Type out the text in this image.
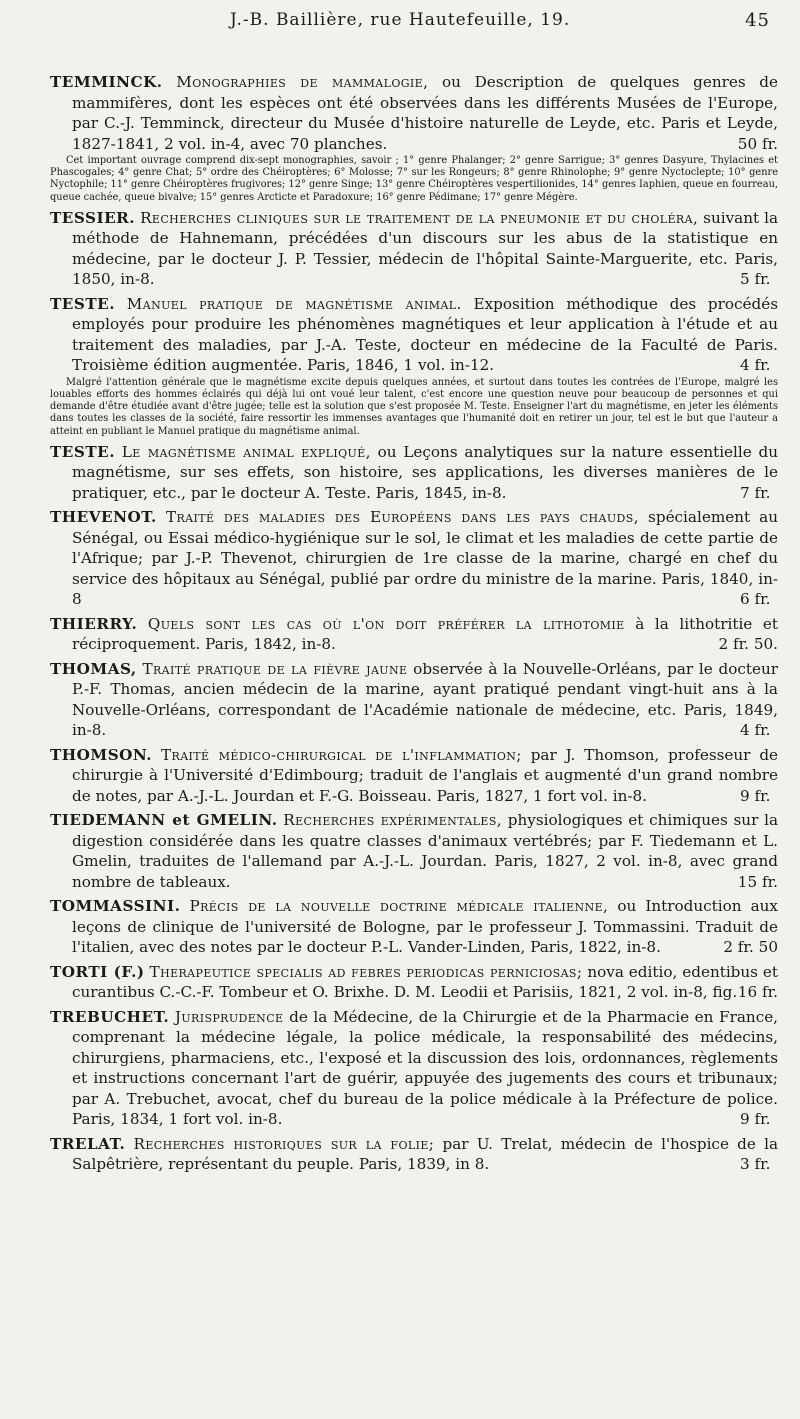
J.-B. Baillière, rue Hautefeuille, 19.	45

TEMMINCK. Monographies de mammalogie, ou Description de quelques genres de mammifères, dont les espèces ont été observées dans les différents Musées de l'Europe, par C.-J. Temminck, directeur du Musée d'histoire naturelle de Leyde, etc. Paris et Leyde, 1827-1841, 2 vol. in-4, avec 70 planches.	50 fr.

Cet important ouvrage comprend dix-sept monographies, savoir ; 1° genre Phalanger; 2° genre Sarrigue; 3° genres Dasyure, Thylacines et Phascogales; 4° genre Chat; 5° ordre des Chéiroptères; 6° Molosse; 7° sur les Rongeurs; 8° genre Rhinolophe; 9° genre Nyctoclepte; 10° genre Nyctophile; 11° genre Chéiroptères frugivores; 12° genre Singe; 13° genre Chéiroptères vespertilionides, 14° genres Iaphien, queue en fourreau, queue cachée, queue bivalve; 15° genres Arcticte et Paradoxure; 16° genre Pédimane; 17° genre Mégère.

TESSIER. Recherches cliniques sur le traitement de la pneumonie et du choléra, suivant la méthode de Hahnemann, précédées d'un discours sur les abus de la statistique en médecine, par le docteur J. P. Tessier, médecin de l'hôpital Sainte-Marguerite, etc. Paris, 1850, in-8.	5 fr.

TESTE. Manuel pratique de magnétisme animal. Exposition méthodique des procédés employés pour produire les phénomènes magnétiques et leur application à l'étude et au traitement des maladies, par J.-A. Teste, docteur en médecine de la Faculté de Paris. Troisième édition augmentée. Paris, 1846, 1 vol. in-12.	4 fr.

Malgré l'attention générale que le magnétisme excite depuis quelques années, et surtout dans toutes les contrées de l'Europe, malgré les louables efforts des hommes éclairés qui déjà lui ont voué leur talent, c'est encore une question neuve pour beaucoup de personnes et qui demande d'être étudiée avant d'être jugée; telle est la solution que s'est proposée M. Teste. Enseigner l'art du magnétisme, en jeter les éléments dans toutes les classes de la société, faire ressortir les immenses avantages que l'humanité doit en retirer un jour, tel est le but que l'auteur a atteint en publiant le Manuel pratique du magnétisme animal.

TESTE. Le magnétisme animal expliqué, ou Leçons analytiques sur la nature essentielle du magnétisme, sur ses effets, son histoire, ses applications, les diverses manières de le pratiquer, etc., par le docteur A. Teste. Paris, 1845, in-8.	7 fr.

THEVENOT. Traité des maladies des Européens dans les pays chauds, spécialement au Sénégal, ou Essai médico-hygiénique sur le sol, le climat et les maladies de cette partie de l'Afrique; par J.-P. Thevenot, chirurgien de 1re classe de la marine, chargé en chef du service des hôpitaux au Sénégal, publié par ordre du ministre de la marine. Paris, 1840, in-8	6 fr.

THIERRY. Quels sont les cas où l'on doit préférer la lithotomie à la lithotritie et réciproquement. Paris, 1842, in-8.	2 fr. 50.

THOMAS, Traité pratique de la fièvre jaune observée à la Nouvelle-Orléans, par le docteur P.-F. Thomas, ancien médecin de la marine, ayant pratiqué pendant vingt-huit ans à la Nouvelle-Orléans, correspondant de l'Académie nationale de médecine, etc. Paris, 1849, in-8.	4 fr.

THOMSON. Traité médico-chirurgical de l'inflammation; par J. Thomson, professeur de chirurgie à l'Université d'Edimbourg; traduit de l'anglais et augmenté d'un grand nombre de notes, par A.-J.-L. Jourdan et F.-G. Boisseau. Paris, 1827, 1 fort vol. in-8.	9 fr.

TIEDEMANN et GMELIN. Recherches expérimentales, physiologiques et chimiques sur la digestion considérée dans les quatre classes d'animaux vertébrés; par F. Tiedemann et L. Gmelin, traduites de l'allemand par A.-J.-L. Jourdan. Paris, 1827, 2 vol. in-8, avec grand nombre de tableaux.	15 fr.

TOMMASSINI. Précis de la nouvelle doctrine médicale italienne, ou Introduction aux leçons de clinique de l'université de Bologne, par le professeur J. Tommassini. Traduit de l'italien, avec des notes par le docteur P.-L. Vander-Linden, Paris, 1822, in-8.	2 fr. 50

TORTI (F.) Therapeutice specialis ad febres periodicas perniciosas; nova editio, edentibus et curantibus C.-C.-F. Tombeur et O. Brixhe. D. M. Leodii et Parisiis, 1821, 2 vol. in-8, fig. 16 fr.

TREBUCHET. Jurisprudence de la Médecine, de la Chirurgie et de la Pharmacie en France, comprenant la médecine légale, la police médicale, la responsabilité des médecins, chirurgiens, pharmaciens, etc., l'exposé et la discussion des lois, ordonnances, règlements et instructions concernant l'art de guérir, appuyée des jugements des cours et tribunaux; par A. Trebuchet, avocat, chef du bureau de la police médicale à la Préfecture de police. Paris, 1834, 1 fort vol. in-8.	9 fr.

TRELAT. Recherches historiques sur la folie; par U. Trelat, médecin de l'hospice de la Salpêtrière, représentant du peuple. Paris, 1839, in 8.	3 fr.
